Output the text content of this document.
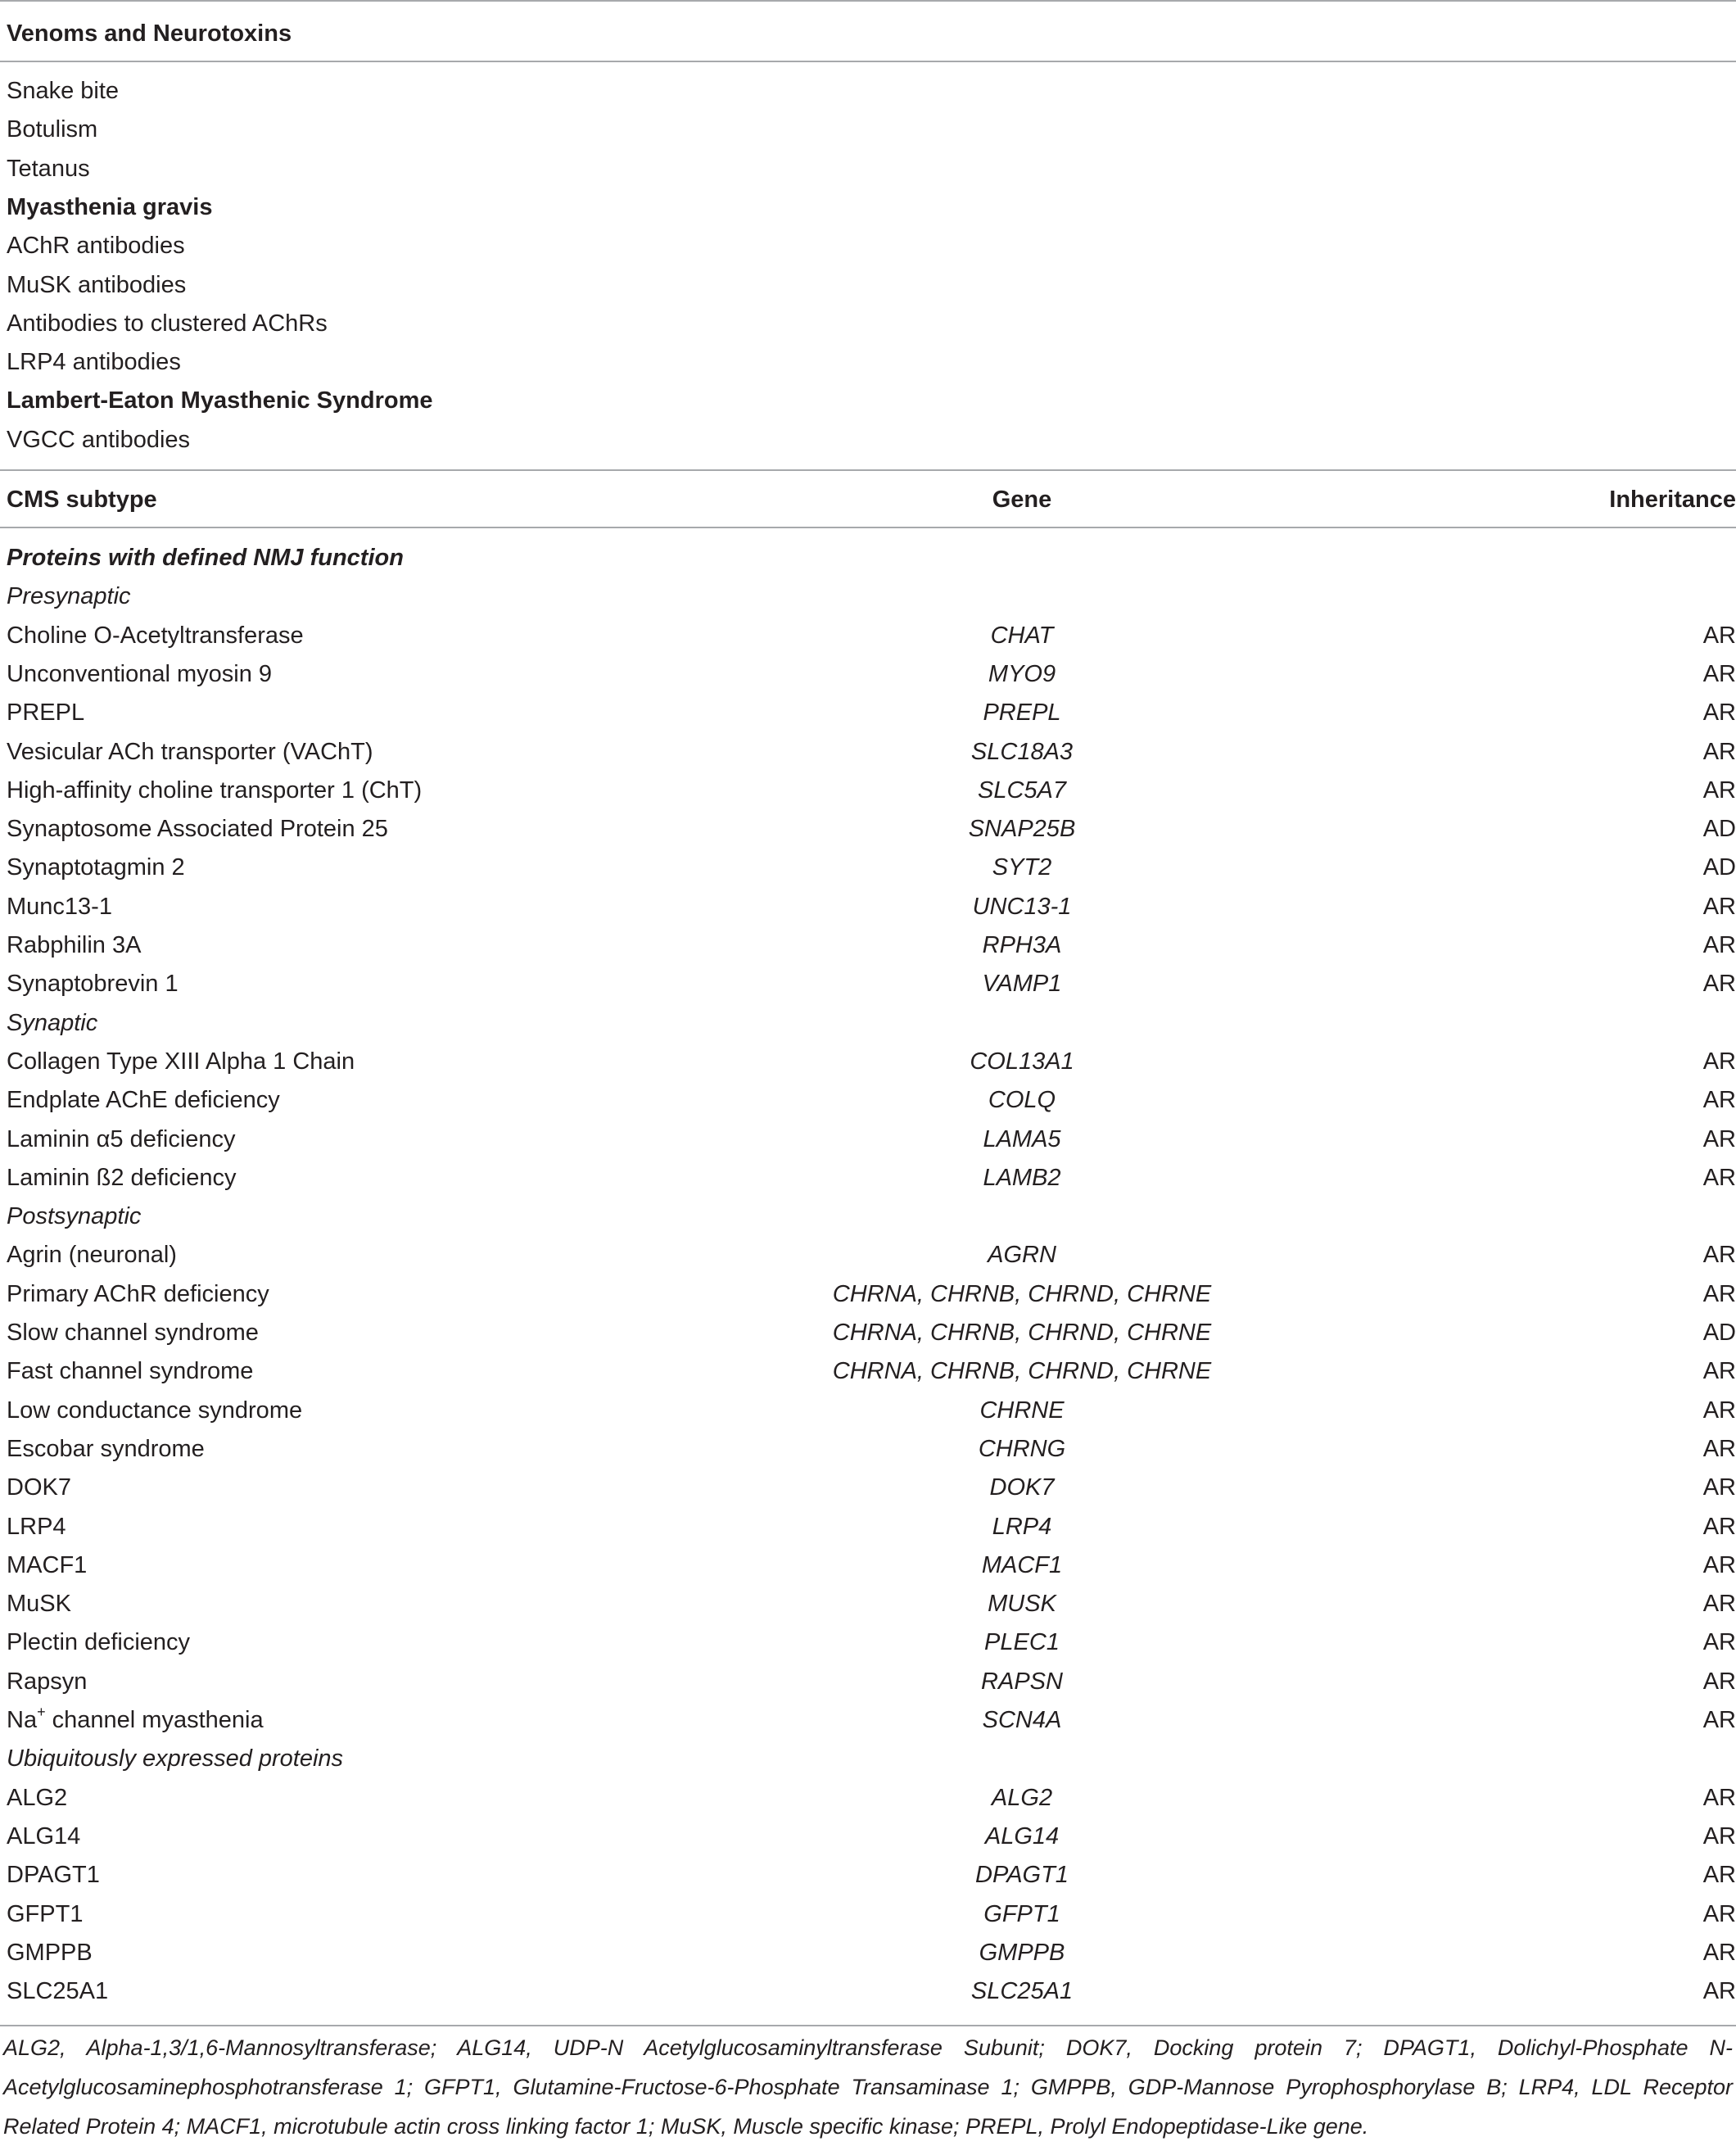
Venoms and Neurotoxins
Snake bite
Botulism
Tetanus
Myasthenia gravis
AChR antibodies
MuSK antibodies
Antibodies to clustered AChRs
LRP4 antibodies
Lambert-Eaton Myasthenic Syndrome
VGCC antibodies
CMS subtype	Gene	Inheritance
Proteins with defined NMJ function
Presynaptic
Choline O-Acetyltransferase	CHAT	AR
Unconventional myosin 9	MYO9	AR
PREPL	PREPL	AR
Vesicular ACh transporter (VAChT)	SLC18A3	AR
High-affinity choline transporter 1 (ChT)	SLC5A7	AR
Synaptosome Associated Protein 25	SNAP25B	AD
Synaptotagmin 2	SYT2	AD
Munc13-1	UNC13-1	AR
Rabphilin 3A	RPH3A	AR
Synaptobrevin 1	VAMP1	AR
Synaptic
Collagen Type XIII Alpha 1 Chain	COL13A1	AR
Endplate AChE deficiency	COLQ	AR
Laminin α5 deficiency	LAMA5	AR
Laminin ß2 deficiency	LAMB2	AR
Postsynaptic
Agrin (neuronal)	AGRN	AR
Primary AChR deficiency	CHRNA, CHRNB, CHRND, CHRNE	AR
Slow channel syndrome	CHRNA, CHRNB, CHRND, CHRNE	AD
Fast channel syndrome	CHRNA, CHRNB, CHRND, CHRNE	AR
Low conductance syndrome	CHRNE	AR
Escobar syndrome	CHRNG	AR
DOK7	DOK7	AR
LRP4	LRP4	AR
MACF1	MACF1	AR
MuSK	MUSK	AR
Plectin deficiency	PLEC1	AR
Rapsyn	RAPSN	AR
Na+ channel myasthenia	SCN4A	AR
Ubiquitously expressed proteins
ALG2	ALG2	AR
ALG14	ALG14	AR
DPAGT1	DPAGT1	AR
GFPT1	GFPT1	AR
GMPPB	GMPPB	AR
SLC25A1	SLC25A1	AR
ALG2, Alpha-1,3/1,6-Mannosyltransferase; ALG14, UDP-N Acetylglucosaminyltransferase Subunit; DOK7, Docking protein 7; DPAGT1, Dolichyl-Phosphate N-Acetylglucosaminephosphotransferase 1; GFPT1, Glutamine-Fructose-6-Phosphate Transaminase 1; GMPPB, GDP-Mannose Pyrophosphorylase B; LRP4, LDL Receptor Related Protein 4; MACF1, microtubule actin cross linking factor 1; MuSK, Muscle specific kinase; PREPL, Prolyl Endopeptidase-Like gene.
